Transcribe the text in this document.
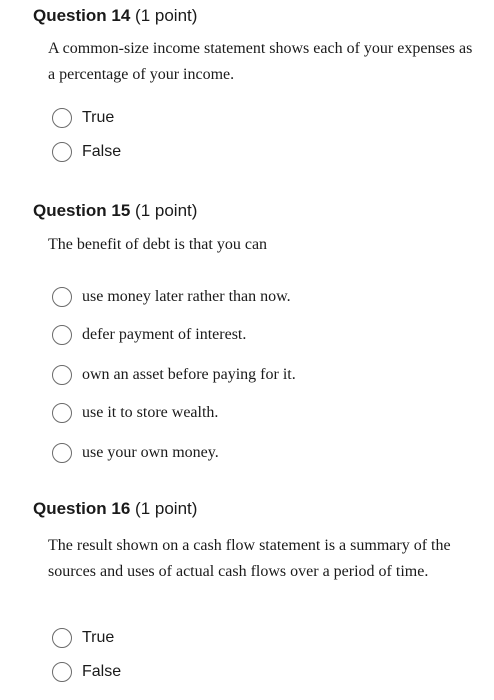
Question 14 (1 point)

A common-size income statement shows each of your expenses as a percentage of your income.

True
False
Question 15 (1 point)

The benefit of debt is that you can

use money later rather than now.
defer payment of interest.
own an asset before paying for it.
use it to store wealth.
use your own money.
Question 16 (1 point)

The result shown on a cash flow statement is a summary of the sources and uses of actual cash flows over a period of time.

True
False
